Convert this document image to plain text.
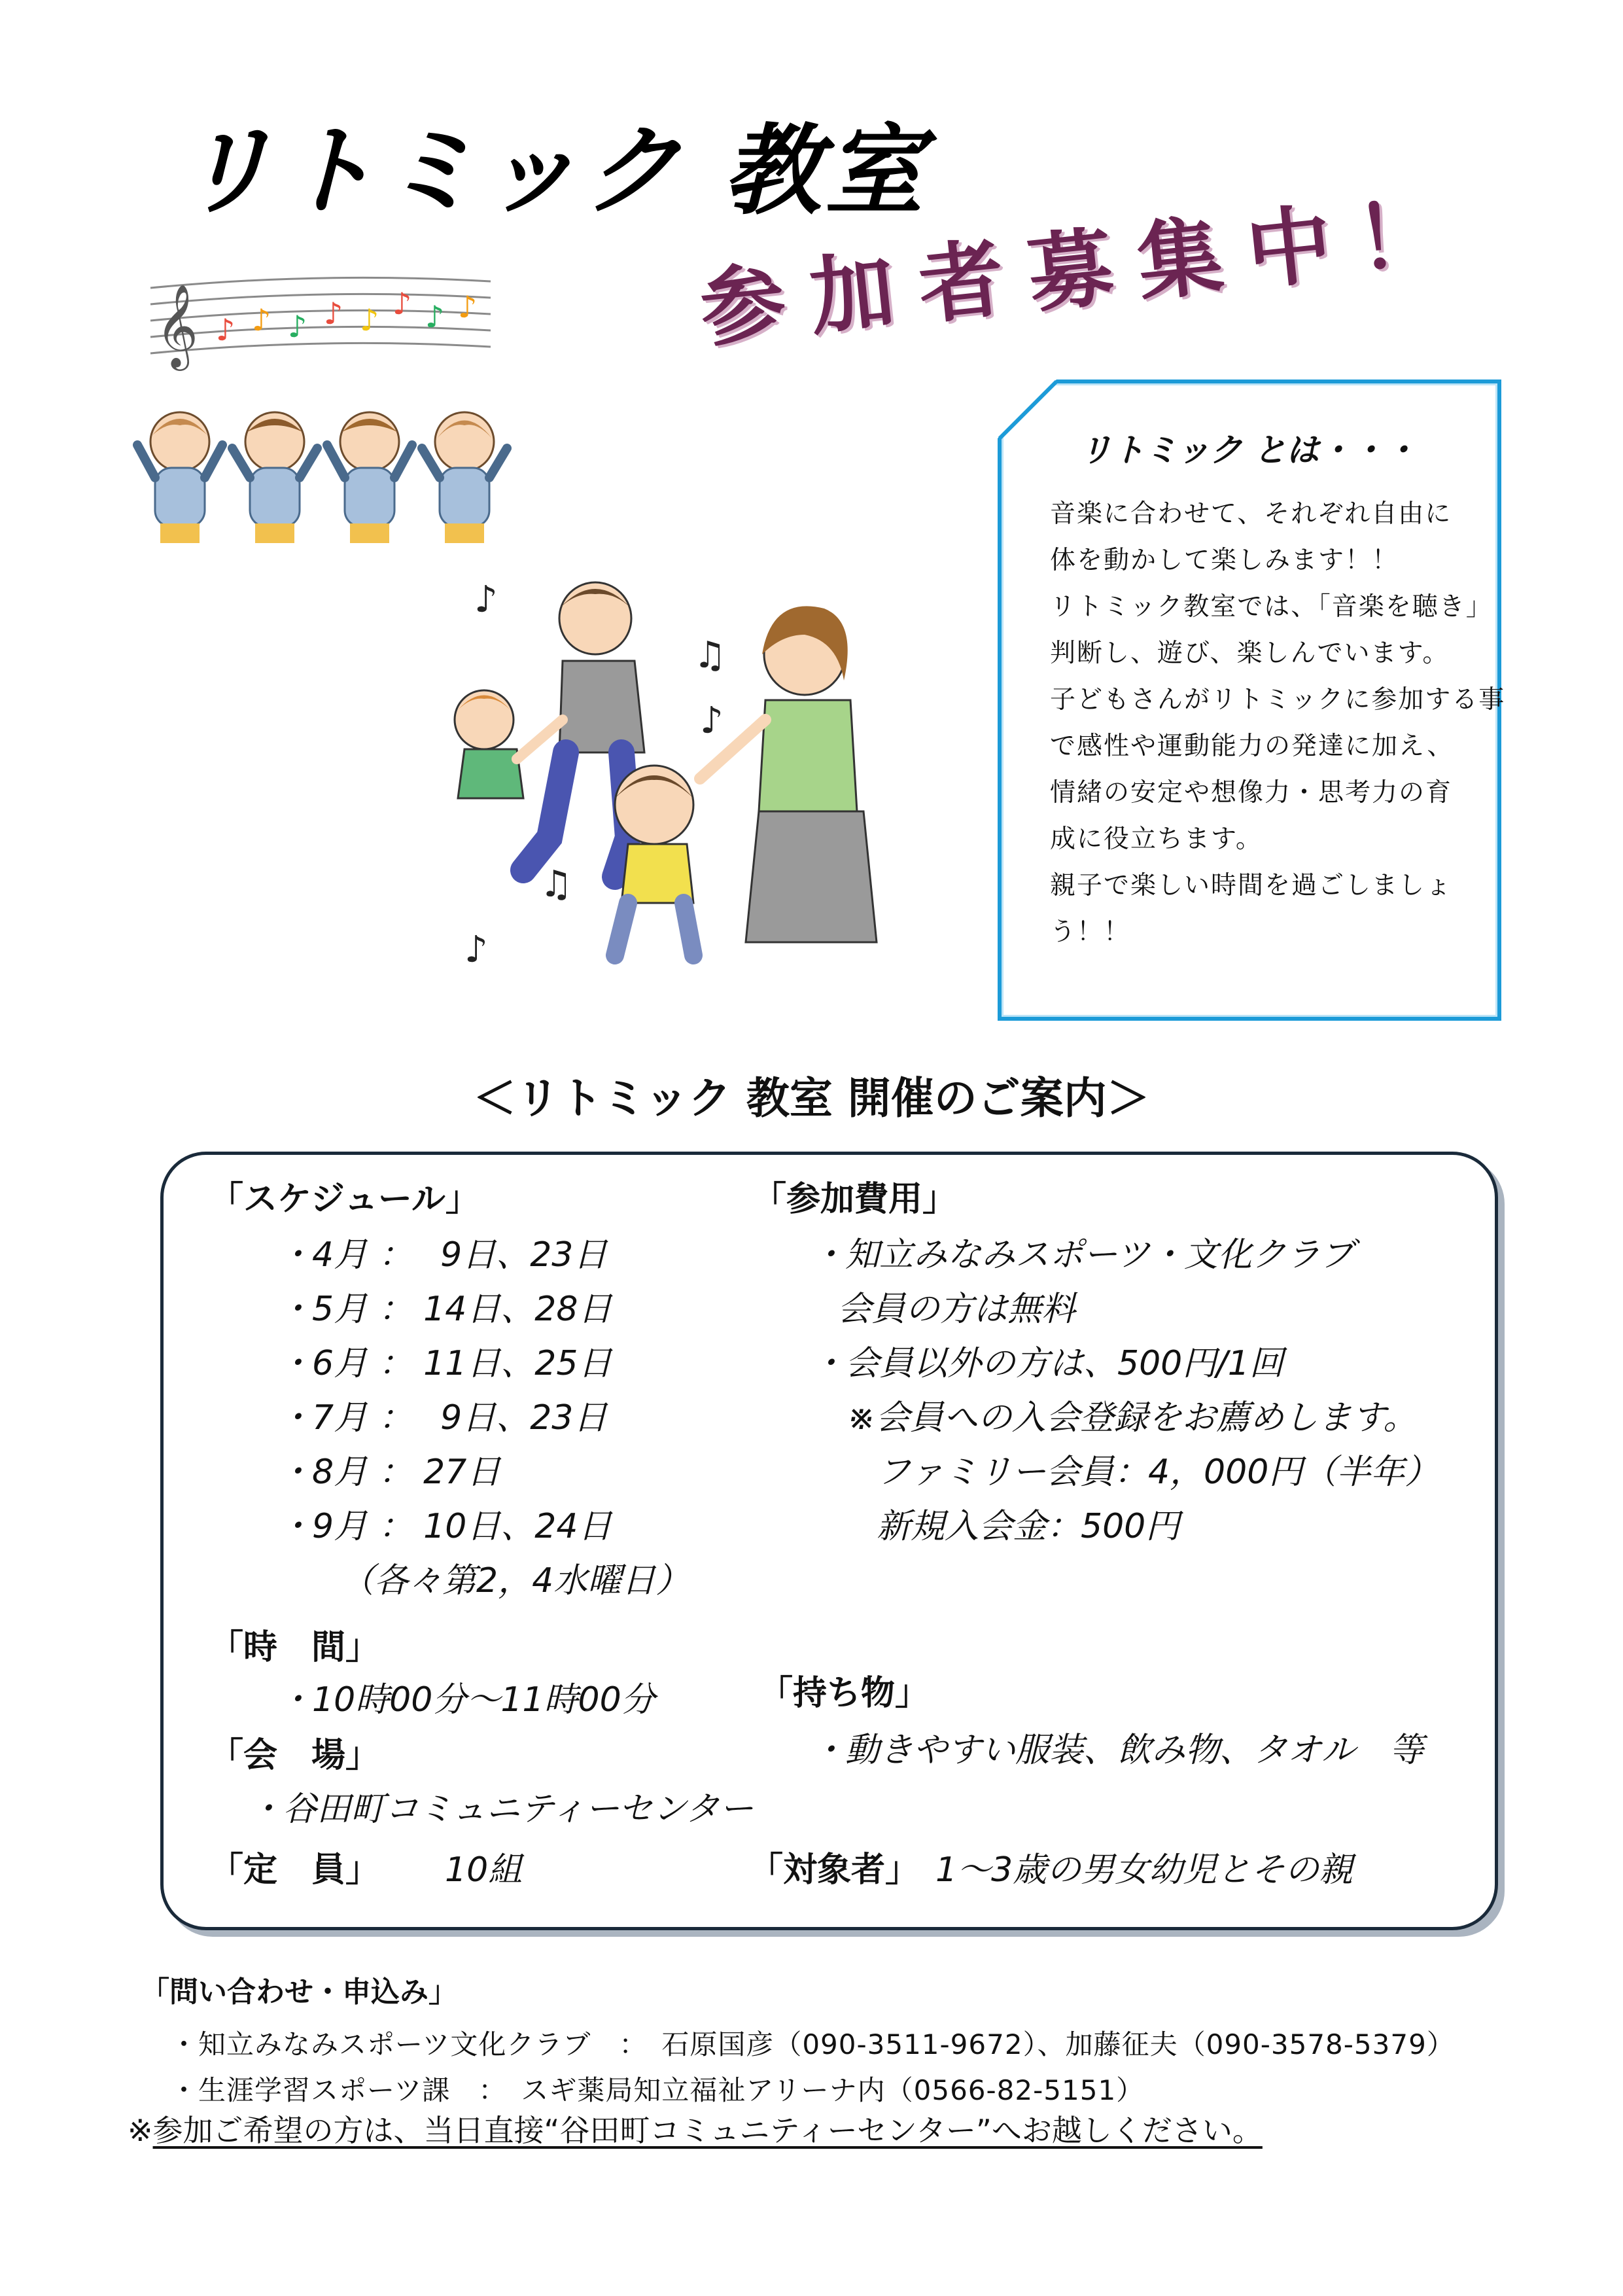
リトミック 教室
参加者募集中！
𝄞 ♪ ♪ ♪ ♪ ♪ ♪ ♪ ♪
♪
♫
♪
♫
♪
リトミック とは・・・
音楽に合わせて、それぞれ自由に
体を動かして楽しみます！！
リトミック教室では、「音楽を聴き」
判断し、遊び、楽しんでいます。
子どもさんがリトミックに参加する事
で感性や運動能力の発達に加え、
情緒の安定や想像力・思考力の育
成に役立ちます。
親子で楽しい時間を過ごしましょ
う！！
＜リトミック 教室 開催のご案内＞
「スケジュール」
・4月 ：　 9日、23日
・5月 ： 14日、28日
・6月 ： 11日、25日
・7月 ：　 9日、23日
・8月 ： 27日
・9月 ： 10日、24日
（各々第2，4水曜日）
「時　間」
・10時00分～11時00分
「会　場」
・谷田町コミュニティーセンター
「定　員」 10組
「参加費用」
・知立みなみスポーツ・文化クラブ
会員の方は無料
・会員以外の方は、500円/1回
※会員への入会登録をお薦めします。
ファミリー会員：4，000円（半年）
新規入会金：500円
「持ち物」
・動きやすい服装、飲み物、タオル　等
「対象者」 1～3歳の男女幼児とその親
「問い合わせ・申込み」
・知立みなみスポーツ文化クラブ　：　石原国彦（090-3511-9672）、加藤征夫（090-3578-5379）
・生涯学習スポーツ課　：　スギ薬局知立福祉アリーナ内（0566-82-5151）
※参加ご希望の方は、当日直接“谷田町コミュニティーセンター”へお越しください。
